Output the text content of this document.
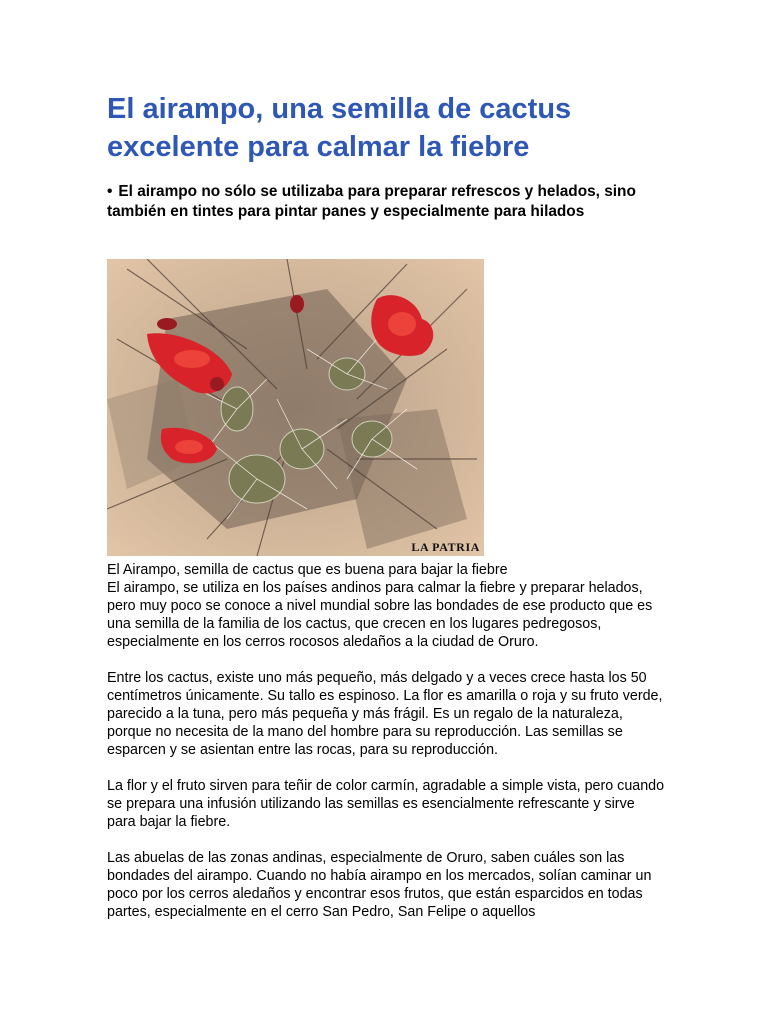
El airampo, una semilla de cactus excelente para calmar la fiebre
• El airampo no sólo se utilizaba para preparar refrescos y helados, sino también en tintes para pintar panes y especialmente para hilados
LA PATRIA
El Airampo, semilla de cactus que es buena para bajar la fiebre

El airampo, se utiliza en los países andinos para calmar la fiebre y preparar helados, pero muy poco se conoce a nivel mundial sobre las bondades de ese producto que es una semilla de la familia de los cactus, que crecen en los lugares pedregosos, especialmente en los cerros rocosos aledaños a la ciudad de Oruro.

Entre los cactus, existe uno más pequeño, más delgado y a veces crece hasta los 50 centímetros únicamente. Su tallo es espinoso. La flor es amarilla o roja y su fruto verde, parecido a la tuna, pero más pequeña y más frágil. Es un regalo de la naturaleza, porque no necesita de la mano del hombre para su reproducción. Las semillas se esparcen y se asientan entre las rocas, para su reproducción.

La flor y el fruto sirven para teñir de color carmín, agradable a simple vista, pero cuando se prepara una infusión utilizando las semillas es esencialmente refrescante y sirve para bajar la fiebre.

Las abuelas de las zonas andinas, especialmente de Oruro, saben cuáles son las bondades del airampo. Cuando no había airampo en los mercados, solían caminar un poco por los cerros aledaños y encontrar esos frutos, que están esparcidos en todas partes, especialmente en el cerro San Pedro, San Felipe o aquellos
